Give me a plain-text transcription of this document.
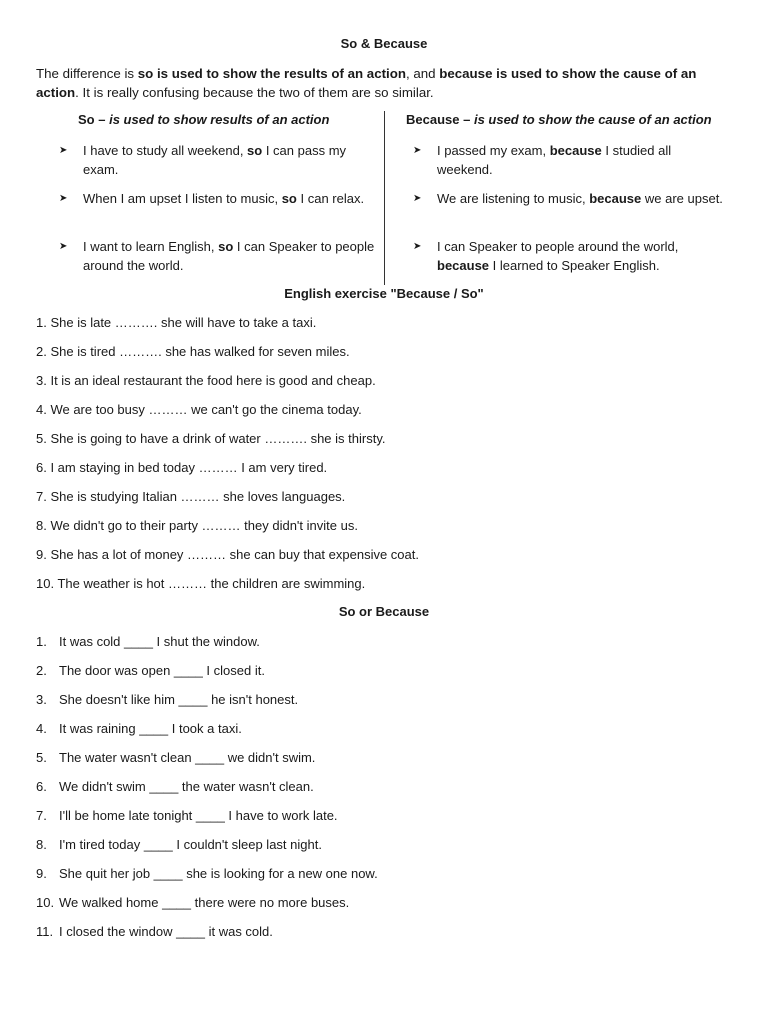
So & Because
The difference is so is used to show the results of an action, and because is used to show the cause of an action. It is really confusing because the two of them are so similar.
So – is used to show results of an action
➤ I have to study all weekend, so I can pass my exam.
➤ When I am upset I listen to music, so I can relax.
➤ I want to learn English, so I can Speaker to people around the world.
Because – is used to show the cause of an action
➤ I passed my exam, because I studied all weekend.
➤ We are listening to music, because we are upset.
➤ I can Speaker to people around the world, because I learned to Speaker English.
English exercise "Because / So"
1. She is late ………. she will have to take a taxi.
2. She is tired ………. she has walked for seven miles.
3. It is an ideal restaurant the food here is good and cheap.
4. We are too busy ……… we can't go the cinema today.
5. She is going to have a drink of water ………. she is thirsty.
6. I am staying in bed today ……… I am very tired.
7. She is studying Italian ……… she loves languages.
8. We didn't go to their party ……… they didn't invite us.
9. She has a lot of money ……… she can buy that expensive coat.
10. The weather is hot ……… the children are swimming.
So or Because
1. It was cold ____ I shut the window.
2. The door was open ____ I closed it.
3. She doesn't like him ____ he isn't honest.
4. It was raining ____ I took a taxi.
5. The water wasn't clean ____ we didn't swim.
6. We didn't swim ____ the water wasn't clean.
7. I'll be home late tonight ____ I have to work late.
8. I'm tired today ____ I couldn't sleep last night.
9. She quit her job ____ she is looking for a new one now.
10. We walked home ____ there were no more buses.
11. I closed the window ____ it was cold.
